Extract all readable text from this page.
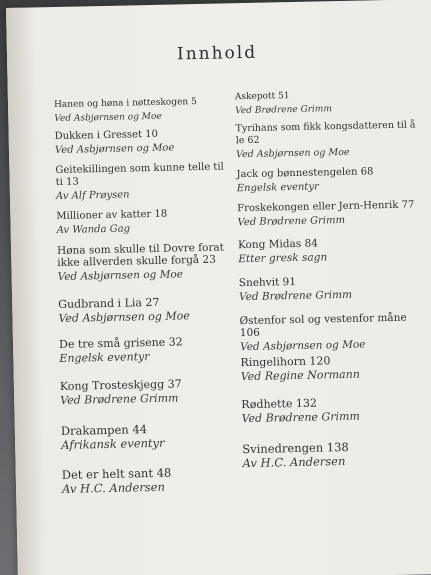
Innhold
Hanen og høna i nøtteskogen 5
Ved Asbjørnsen og Moe
Dukken i Gresset 10
Ved Asbjørnsen og Moe
Geitekillingen som kunne telle til ti 13
Av Alf Prøysen
Millioner av katter 18
Av Wanda Gag
Høna som skulle til Dovre forat ikke allverden skulle forgå 23
Ved Asbjørnsen og Moe
Gudbrand i Lia 27
Ved Asbjørnsen og Moe
De tre små grisene 32
Engelsk eventyr
Kong Trosteskjegg 37
Ved Brødrene Grimm
Drakampen 44
Afrikansk eventyr
Det er helt sant 48
Av H.C. Andersen
Askepott 51
Ved Brødrene Grimm
Tyrihans som fikk kongsdatteren til å le 62
Ved Asbjørnsen og Moe
Jack og bønnestengelen 68
Engelsk eventyr
Froskekongen eller Jern-Henrik 77
Ved Brødrene Grimm
Kong Midas 84
Etter gresk sagn
Snehvit 91
Ved Brødrene Grimm
Østenfor sol og vestenfor måne 106
Ved Asbjørnsen og Moe
Ringelihorn 120
Ved Regine Normann
Rødhette 132
Ved Brødrene Grimm
Svinedrengen 138
Av H.C. Andersen
